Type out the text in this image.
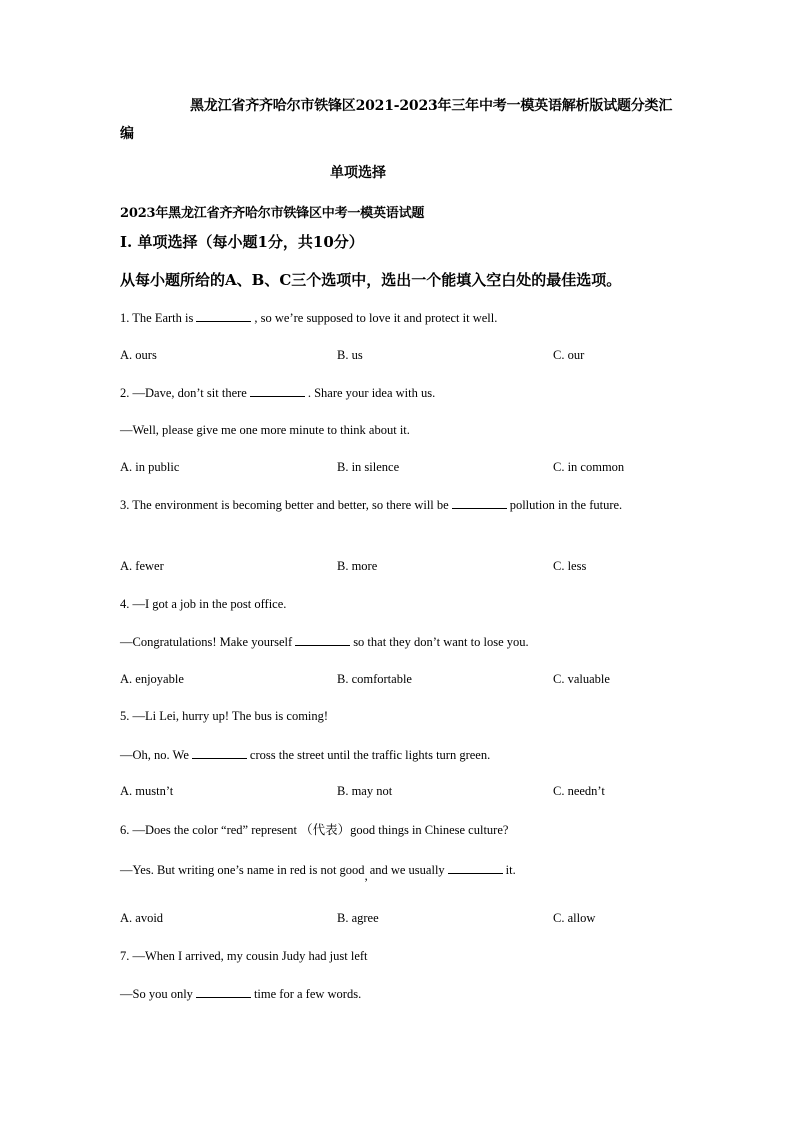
黑龙江省齐齐哈尔市铁锋区2021-2023年三年中考一模英语解析版试题分类汇
编
单项选择
2023年黑龙江省齐齐哈尔市铁锋区中考一模英语试题
Ⅰ. 单项选择（每小题1分，共10分）
从每小题所给的A、B、C三个选项中，选出一个能填入空白处的最佳选项。
1. The Earth is	, so we’re supposed to love it and protect it well.
A. ours	B. us	C. our
2. —Dave, don’t sit there	. Share your idea with us.
—Well, please give me one more minute to think about it.
A. in public	B. in silence	C. in common
3. The environment is becoming better and better, so there will be	pollution in the future.
A. fewer	B. more	C. less
4. —I got a job in the post office.
—Congratulations! Make yourself	so that they don’t want to lose you.
A. enjoyable	B. comfortable	C. valuable
5. —Li Lei, hurry up! The bus is coming!
—Oh, no. We	cross the street until the traffic lights turn green.
A. mustn’t	B. may not	C. needn’t
6. —Does the color “red” represent （代表）good things in Chinese culture?
—Yes. But writing one’s name in red is not good, and we usually	it.
A. avoid	B. agree	C. allow
7. —When I arrived, my cousin Judy had just left
—So you only	time for a few words.
